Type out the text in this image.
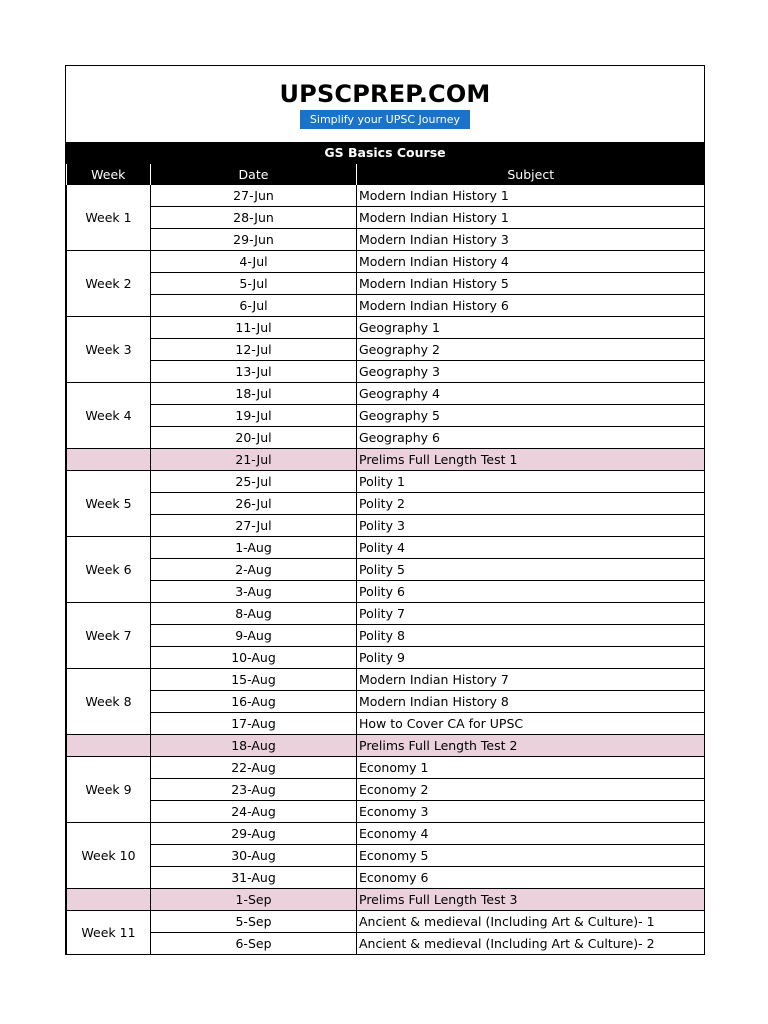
UPSCPREP.COM
Simplify your UPSC Journey
GS Basics Course
Week	Date	Subject
Week 1	27-Jun	Modern Indian History 1
	28-Jun	Modern Indian History 1
	29-Jun	Modern Indian History 3
Week 2	4-Jul	Modern Indian History 4
	5-Jul	Modern Indian History 5
	6-Jul	Modern Indian History 6
Week 3	11-Jul	Geography 1
	12-Jul	Geography 2
	13-Jul	Geography 3
Week 4	18-Jul	Geography 4
	19-Jul	Geography 5
	20-Jul	Geography 6
	21-Jul	Prelims Full Length Test 1
Week 5	25-Jul	Polity 1
	26-Jul	Polity 2
	27-Jul	Polity 3
Week 6	1-Aug	Polity 4
	2-Aug	Polity 5
	3-Aug	Polity 6
Week 7	8-Aug	Polity 7
	9-Aug	Polity 8
	10-Aug	Polity 9
Week 8	15-Aug	Modern Indian History 7
	16-Aug	Modern Indian History 8
	17-Aug	How to Cover CA for UPSC
	18-Aug	Prelims Full Length Test 2
Week 9	22-Aug	Economy 1
	23-Aug	Economy 2
	24-Aug	Economy 3
Week 10	29-Aug	Economy 4
	30-Aug	Economy 5
	31-Aug	Economy 6
	1-Sep	Prelims Full Length Test 3
Week 11	5-Sep	Ancient & medieval (Including Art & Culture)- 1
	6-Sep	Ancient & medieval (Including Art & Culture)- 2
